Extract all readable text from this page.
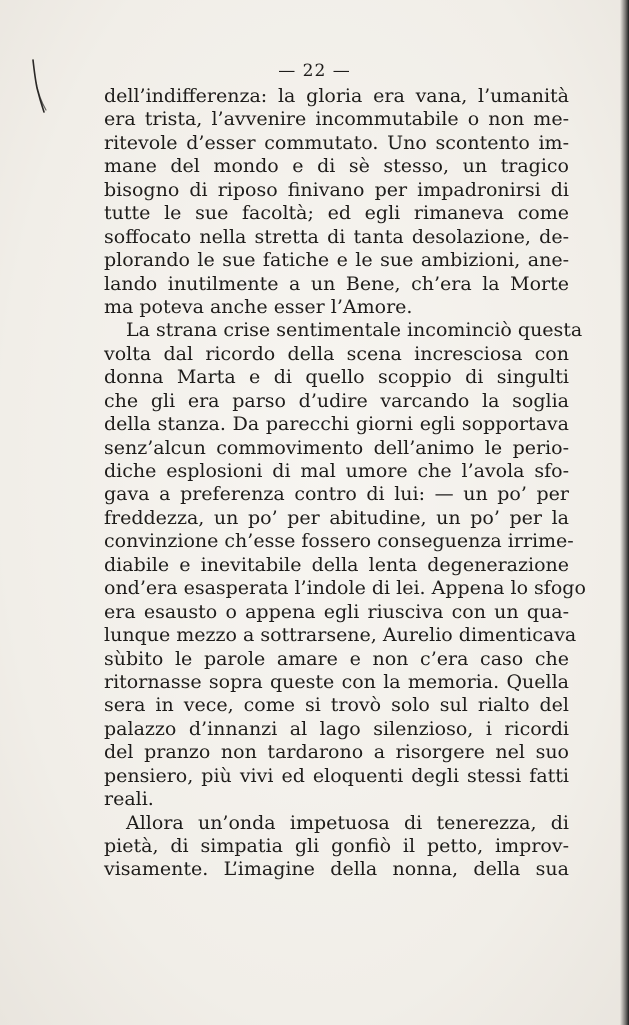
— 22 —
dell’indifferenza: la gloria era vana, l’umanità
era trista, l’avvenire incommutabile o non me-
ritevole d’esser commutato. Uno scontento im-
mane del mondo e di sè stesso, un tragico
bisogno di riposo finivano per impadronirsi di
tutte le sue facoltà; ed egli rimaneva come
soffocato nella stretta di tanta desolazione, de-
plorando le sue fatiche e le sue ambizioni, ane-
lando inutilmente a un Bene, ch’era la Morte
ma poteva anche esser l’Amore.
La strana crise sentimentale incominciò questa
volta dal ricordo della scena incresciosa con
donna Marta e di quello scoppio di singulti
che gli era parso d’udire varcando la soglia
della stanza. Da parecchi giorni egli sopportava
senz’alcun commovimento dell’animo le perio-
diche esplosioni di mal umore che l’avola sfo-
gava a preferenza contro di lui: — un po’ per
freddezza, un po’ per abitudine, un po’ per la
convinzione ch’esse fossero conseguenza irrime-
diabile e inevitabile della lenta degenerazione
ond’era esasperata l’indole di lei. Appena lo sfogo
era esausto o appena egli riusciva con un qua-
lunque mezzo a sottrarsene, Aurelio dimenticava
sùbito le parole amare e non c’era caso che
ritornasse sopra queste con la memoria. Quella
sera in vece, come si trovò solo sul rialto del
palazzo d’innanzi al lago silenzioso, i ricordi
del pranzo non tardarono a risorgere nel suo
pensiero, più vivi ed eloquenti degli stessi fatti
reali.
Allora un’onda impetuosa di tenerezza, di
pietà, di simpatia gli gonfiò il petto, improv-
visamente. L’imagine della nonna, della sua
